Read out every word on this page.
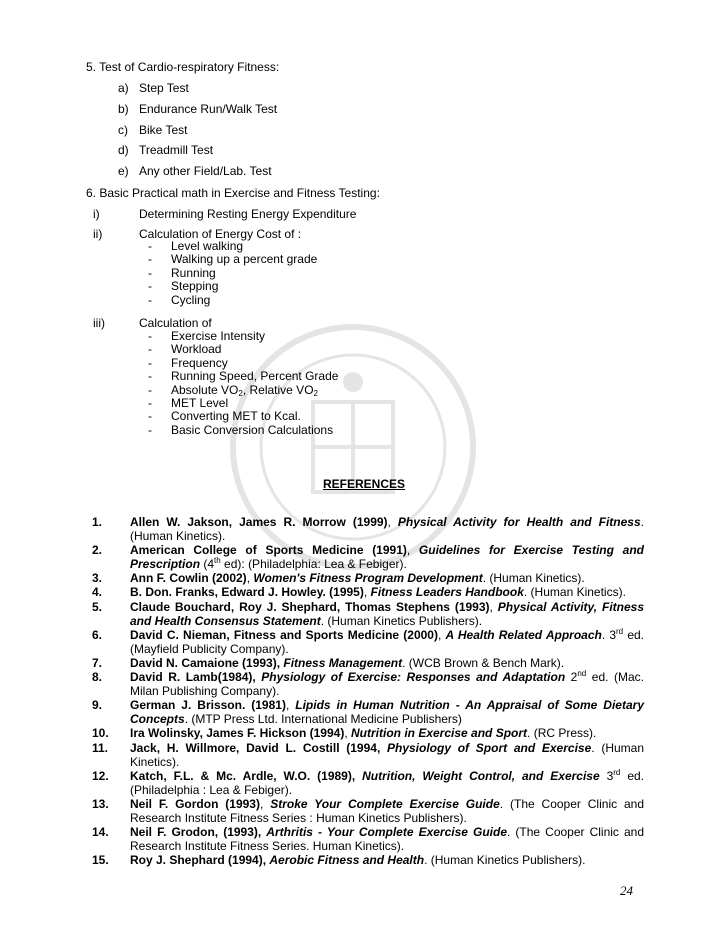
5. Test of Cardio-respiratory Fitness:
a) Step Test
b) Endurance Run/Walk Test
c) Bike Test
d) Treadmill Test
e) Any other Field/Lab. Test
6. Basic Practical math in Exercise and Fitness Testing:
i)	Determining Resting Energy Expenditure
ii)	Calculation of Energy Cost of :
- Level walking
- Walking up a percent grade
- Running
- Stepping
- Cycling
iii)	Calculation of
- Exercise Intensity
- Workload
- Frequency
- Running Speed, Percent Grade
- Absolute VO2, Relative VO2
- MET Level
- Converting MET to Kcal.
- Basic Conversion Calculations
REFERENCES
1. Allen W. Jakson, James R. Morrow (1999), Physical Activity for Health and Fitness. (Human Kinetics).
2. American College of Sports Medicine (1991), Guidelines for Exercise Testing and Prescription (4th ed): (Philadelphia: Lea & Febiger).
3. Ann F. Cowlin (2002), Women's Fitness Program Development. (Human Kinetics).
4. B. Don. Franks, Edward J. Howley. (1995), Fitness Leaders Handbook. (Human Kinetics).
5. Claude Bouchard, Roy J. Shephard, Thomas Stephens (1993), Physical Activity, Fitness and Health Consensus Statement. (Human Kinetics Publishers).
6. David C. Nieman, Fitness and Sports Medicine (2000), A Health Related Approach. 3rd ed. (Mayfield Publicity Company).
7. David N. Camaione (1993), Fitness Management. (WCB Brown & Bench Mark).
8. David R. Lamb(1984), Physiology of Exercise: Responses and Adaptation 2nd ed. (Mac. Milan Publishing Company).
9. German J. Brisson. (1981), Lipids in Human Nutrition - An Appraisal of Some Dietary Concepts. (MTP Press Ltd. International Medicine Publishers)
10. Ira Wolinsky, James F. Hickson (1994), Nutrition in Exercise and Sport. (RC Press).
11. Jack, H. Willmore, David L. Costill (1994, Physiology of Sport and Exercise. (Human Kinetics).
12. Katch, F.L. & Mc. Ardle, W.O. (1989), Nutrition, Weight Control, and Exercise 3rd ed. (Philadelphia : Lea & Febiger).
13. Neil F. Gordon (1993), Stroke Your Complete Exercise Guide. (The Cooper Clinic and Research Institute Fitness Series : Human Kinetics Publishers).
14. Neil F. Grodon, (1993), Arthritis - Your Complete Exercise Guide. (The Cooper Clinic and Research Institute Fitness Series. Human Kinetics).
15. Roy J. Shephard (1994), Aerobic Fitness and Health. (Human Kinetics Publishers).
24
